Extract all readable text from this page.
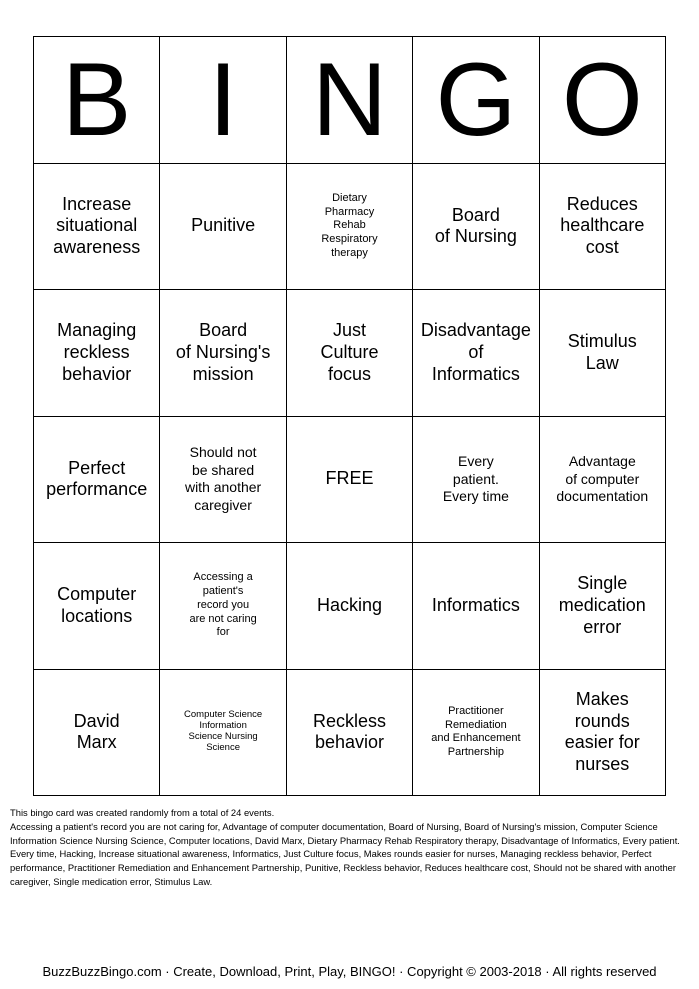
B I N G O
Increase
situational
awareness
Punitive
Dietary
Pharmacy
Rehab
Respiratory
therapy
Board
of Nursing
Reduces
healthcare
cost
Managing
reckless
behavior
Board
of Nursing's
mission
Just
Culture
focus
Disadvantage
of
Informatics
Stimulus
Law
Perfect
performance
Should not
be shared
with another
caregiver
FREE
Every
patient.
Every time
Advantage
of computer
documentation
Computer
locations
Accessing a
patient's
record you
are not caring
for
Hacking	Informatics
Single
medication
error
David
Marx
Computer Science
Information
Science Nursing
Science
Reckless
behavior
Practitioner
Remediation
and Enhancement
Partnership
Makes
rounds
easier for
nurses

This bingo card was created randomly from a total of 24 events.

Accessing a patient's record you are not caring for, Advantage of computer documentation, Board of Nursing, Board of Nursing's mission, Computer Science Information Science Nursing Science, Computer locations, David Marx, Dietary Pharmacy Rehab Respiratory therapy, Disadvantage of Informatics, Every patient. Every time, Hacking, Increase situational awareness, Informatics, Just Culture focus, Makes rounds easier for nurses, Managing reckless behavior, Perfect performance, Practitioner Remediation and Enhancement Partnership, Punitive, Reckless behavior, Reduces healthcare cost, Should not be shared with another caregiver, Single medication error, Stimulus Law.

BuzzBuzzBingo.com · Create, Download, Print, Play, BINGO! · Copyright © 2003-2018 · All rights reserved
